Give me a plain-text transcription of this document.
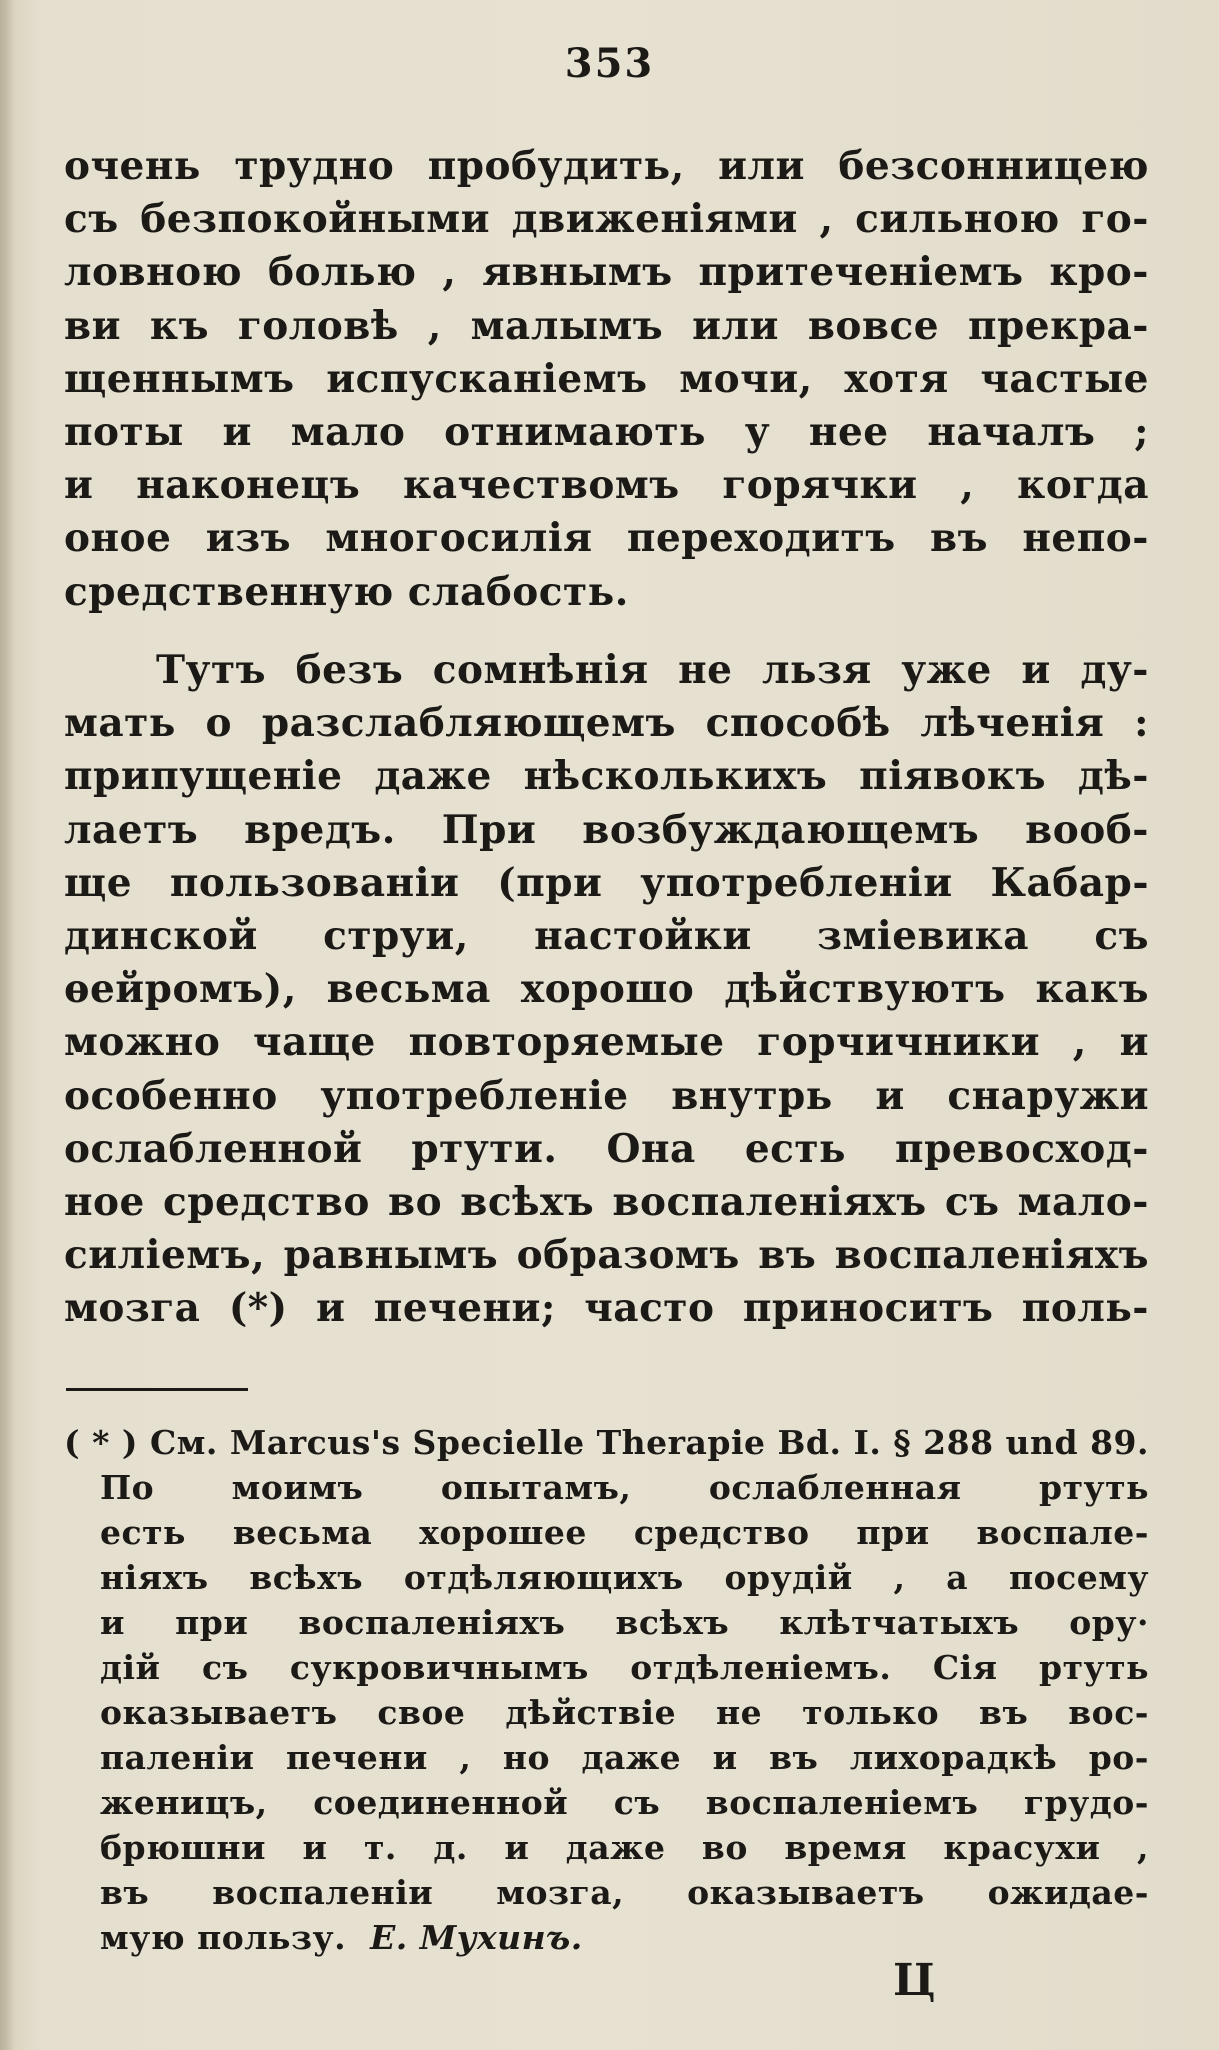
353
очень трудно пробудить, или безсонницею
съ безпокойными движеніями , сильною го-
ловною болью , явнымъ притеченіемъ кро-
ви къ головѣ , малымъ или вовсе прекра-
щеннымъ испусканіемъ мочи, хотя частые
поты и мало отнимають у нее началъ ;
и наконецъ качествомъ горячки , когда
оное изъ многосилія переходитъ въ непо-
средственную слабость.
Тутъ безъ сомнѣнія не льзя уже и ду-
мать о разслабляющемъ способѣ лѣченія :
припущеніе даже нѣсколькихъ піявокъ дѣ-
лаетъ вредъ. При возбуждающемъ вооб-
ще пользованіи (при употребленіи Кабар-
динской струи, настойки зміевика съ
ѳейромъ), весьма хорошо дѣйствуютъ какъ
можно чаще повторяемые горчичники , и
особенно употребленіе внутрь и снаружи
ослабленной ртути. Она есть превосход-
ное средство во всѣхъ воспаленіяхъ съ мало-
силіемъ, равнымъ образомъ въ воспаленіяхъ
мозга (*) и печени; часто приноситъ поль-
( * ) См. Marcus's Specielle Therapie Bd. I. § 288 und 89.
По моимъ опытамъ, ослабленная ртуть
есть весьма хорошее средство при воспале-
ніяхъ всѣхъ отдѣляющихъ орудій , а посему
и при воспаленіяхъ всѣхъ клѣтчатыхъ ору·
дій съ сукровичнымъ отдѣленіемъ. Сія ртуть
оказываетъ свое дѣйствіе не только въ вос-
паленіи печени , но даже и въ лихорадкѣ ро-
женицъ, соединенной съ воспаленіемъ грудо-
брюшни и т. д. и даже во время красухи ,
въ воспаленіи мозга, оказываетъ ожидае-
мую пользу. Е. Мухинъ.
Ц
